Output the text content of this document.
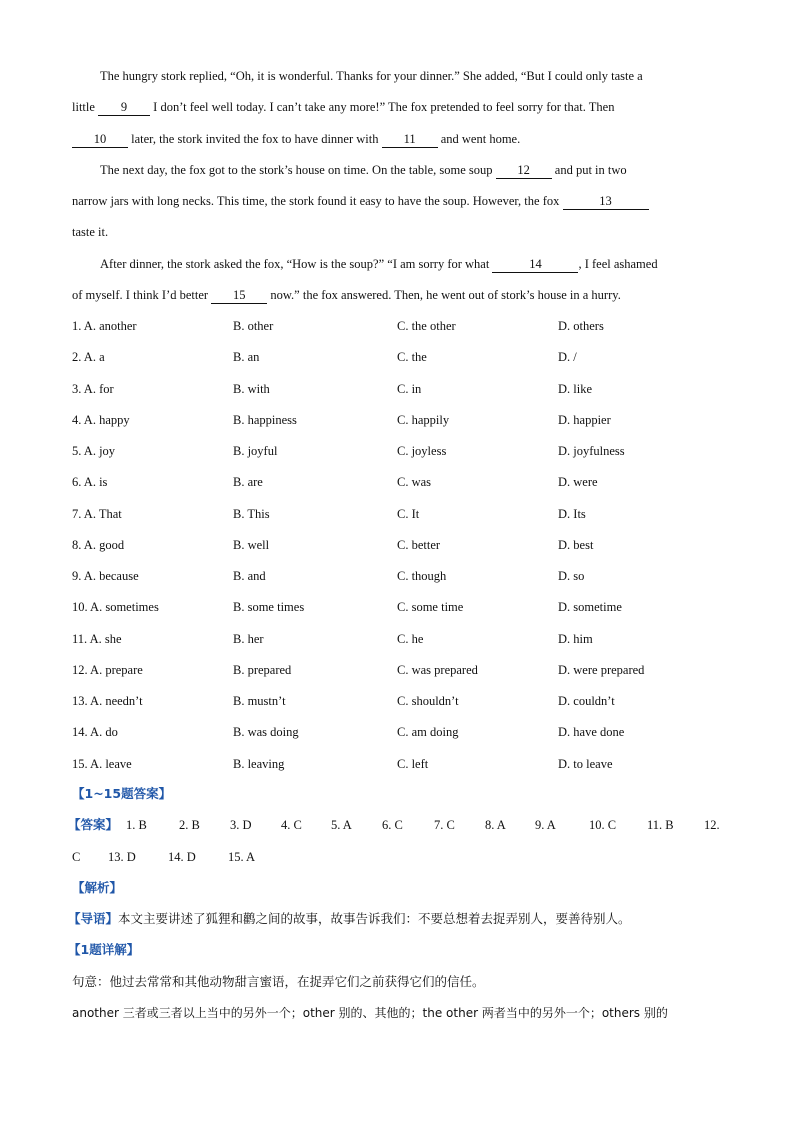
The hungry stork replied, “Oh, it is wonderful. Thanks for your dinner.” She added, “But I could only taste a
little 9 I don’t feel well today. I can’t take any more!” The fox pretended to feel sorry for that. Then
10 later, the stork invited the fox to have dinner with 11 and went home.
The next day, the fox got to the stork’s house on time. On the table, some soup 12 and put in two
narrow jars with long necks. This time, the stork found it easy to have the soup. However, the fox	13
taste it.
After dinner, the stork asked the fox, “How is the soup?” “I am sorry for what	14	, I feel ashamed
of myself. I think I’d better 15 now.” the fox answered. Then, he went out of stork’s house in a hurry.
1. A. another	B. other	C. the other	D. others
2. A. a	B. an	C. the	D. /
3. A. for	B. with	C. in	D. like
4. A. happy	B. happiness	C. happily	D. happier
5. A. joy	B. joyful	C. joyless	D. joyfulness
6. A. is	B. are	C. was	D. were
7. A. That	B. This	C. It	D. Its
8. A. good	B. well	C. better	D. best
9. A. because	B. and	C. though	D. so
10. A. sometimes	B. some times	C. some time	D. sometime
11. A. she	B. her	C. he	D. him
12. A. prepare	B. prepared	C. was prepared	D. were prepared
13. A. needn’t	B. mustn’t	C. shouldn’t	D. couldn’t
14. A. do	B. was doing	C. am doing	D. have done
15. A. leave	B. leaving	C. left	D. to leave
【1~15题答案】
【答案】 1. B	2. B 3. D 4. C 5. A 6. C 7. C 8. A 9. A	10. C 11. B 12.
C 13. D	14. D	15. A
【解析】
【导语】本文主要讲述了狐狸和鹳之间的故事，故事告诉我们：不要总想着去捉弄别人，要善待别人。
【1题详解】
句意：他过去常常和其他动物甜言蜜语，在捉弄它们之前获得它们的信任。
another 三者或三者以上当中的另外一个；other 别的、其他的；the other 两者当中的另外一个；others 别的
